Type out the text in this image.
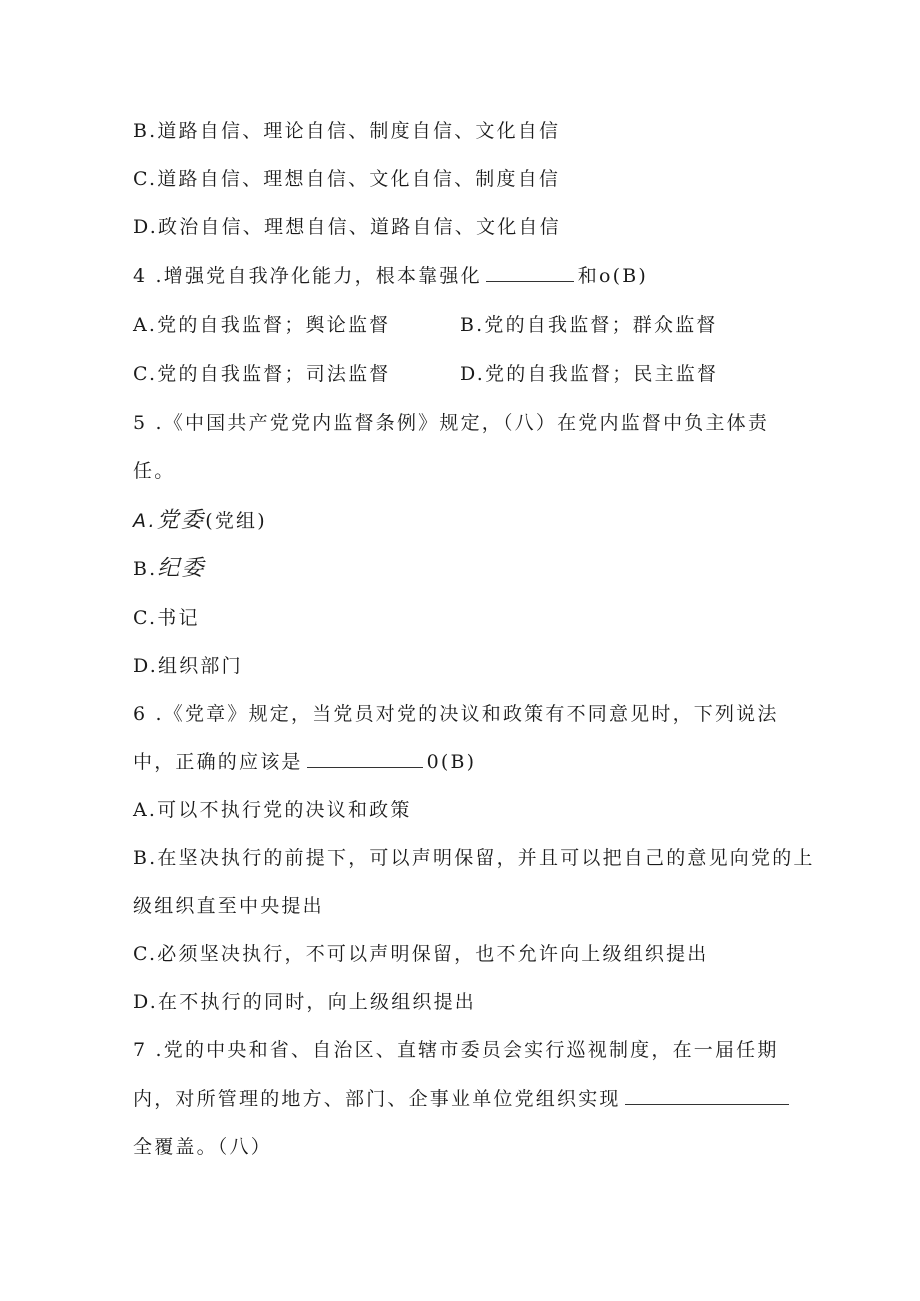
B.道路自信、理论自信、制度自信、文化自信
C.道路自信、理想自信、文化自信、制度自信
D.政治自信、理想自信、道路自信、文化自信
4 .增强党自我净化能力，根本靠强化	和o(B)
A.党的自我监督；舆论监督	B.党的自我监督；群众监督
C.党的自我监督；司法监督	D.党的自我监督；民主监督
5 .《中国共产党党内监督条例》规定，（八）在党内监督中负主体责
任。
A.党委(党组)
B.纪委
C.书记
D.组织部门
6 .《党章》规定，当党员对党的决议和政策有不同意见时，下列说法
中，正确的应该是	0(B)
A.可以不执行党的决议和政策
B.在坚决执行的前提下，可以声明保留，并且可以把自己的意见向党的上
级组织直至中央提出
C.必须坚决执行，不可以声明保留，也不允许向上级组织提出
D.在不执行的同时，向上级组织提出
7 .党的中央和省、自治区、直辖市委员会实行巡视制度，在一届任期
内，对所管理的地方、部门、企事业单位党组织实现
全覆盖。（八）
